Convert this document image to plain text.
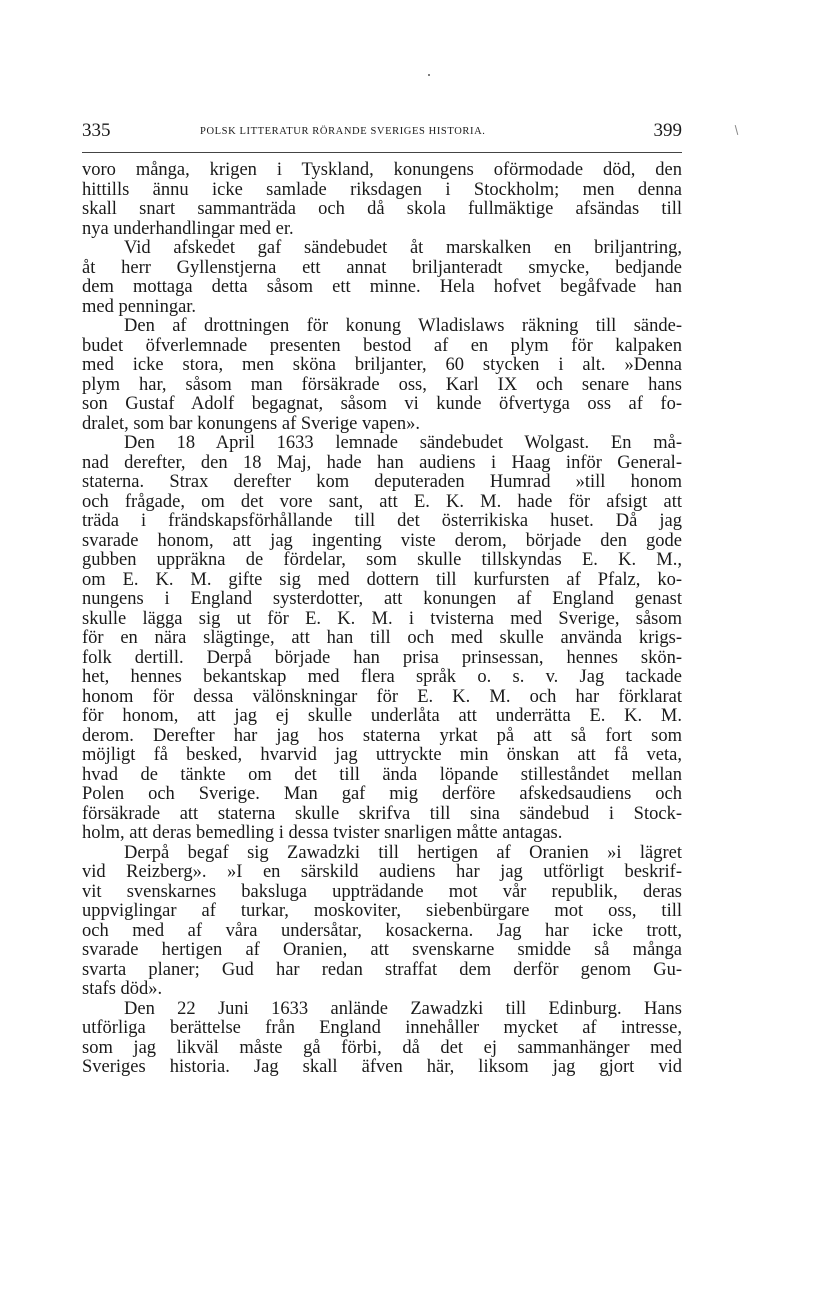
335	POLSK LITTERATUR RÖRANDE SVERIGES HISTORIA.	399
voro många, krigen i Tyskland, konungens oförmodade död, den
hittills ännu icke samlade riksdagen i Stockholm; men denna
skall snart sammanträda och då skola fullmäktige afsändas till
nya underhandlingar med er.
Vid afskedet gaf sändebudet åt marskalken en briljantring,
åt herr Gyllenstjerna ett annat briljanteradt smycke, bedjande
dem mottaga detta såsom ett minne. Hela hofvet begåfvade han
med penningar.
Den af drottningen för konung Wladislaws räkning till sände-
budet öfverlemnade presenten bestod af en plym för kalpaken
med icke stora, men sköna briljanter, 60 stycken i alt. »Denna
plym har, såsom man försäkrade oss, Karl IX och senare hans
son Gustaf Adolf begagnat, såsom vi kunde öfvertyga oss af fo-
dralet, som bar konungens af Sverige vapen».
Den 18 April 1633 lemnade sändebudet Wolgast. En må-
nad derefter, den 18 Maj, hade han audiens i Haag inför General-
staterna. Strax derefter kom deputeraden Humrad »till honom
och frågade, om det vore sant, att E. K. M. hade för afsigt att
träda i frändskapsförhållande till det österrikiska huset. Då jag
svarade honom, att jag ingenting viste derom, började den gode
gubben uppräkna de fördelar, som skulle tillskyndas E. K. M.,
om E. K. M. gifte sig med dottern till kurfursten af Pfalz, ko-
nungens i England systerdotter, att konungen af England genast
skulle lägga sig ut för E. K. M. i tvisterna med Sverige, såsom
för en nära slägtinge, att han till och med skulle använda krigs-
folk dertill. Derpå började han prisa prinsessan, hennes skön-
het, hennes bekantskap med flera språk o. s. v. Jag tackade
honom för dessa välönskningar för E. K. M. och har förklarat
för honom, att jag ej skulle underlåta att underrätta E. K. M.
derom. Derefter har jag hos staterna yrkat på att så fort som
möjligt få besked, hvarvid jag uttryckte min önskan att få veta,
hvad de tänkte om det till ända löpande stilleståndet mellan
Polen och Sverige. Man gaf mig derföre afskedsaudiens och
försäkrade att staterna skulle skrifva till sina sändebud i Stock-
holm, att deras bemedling i dessa tvister snarligen måtte antagas.
Derpå begaf sig Zawadzki till hertigen af Oranien »i lägret
vid Reizberg». »I en särskild audiens har jag utförligt beskrif-
vit svenskarnes baksluga uppträdande mot vår republik, deras
uppviglingar af turkar, moskoviter, siebenbürgare mot oss, till
och med af våra undersåtar, kosackerna. Jag har icke trott,
svarade hertigen af Oranien, att svenskarne smidde så många
svarta planer; Gud har redan straffat dem derför genom Gu-
stafs död».
Den 22 Juni 1633 anlände Zawadzki till Edinburg. Hans
utförliga berättelse från England innehåller mycket af intresse,
som jag likväl måste gå förbi, då det ej sammanhänger med
Sveriges historia. Jag skall äfven här, liksom jag gjort vid
